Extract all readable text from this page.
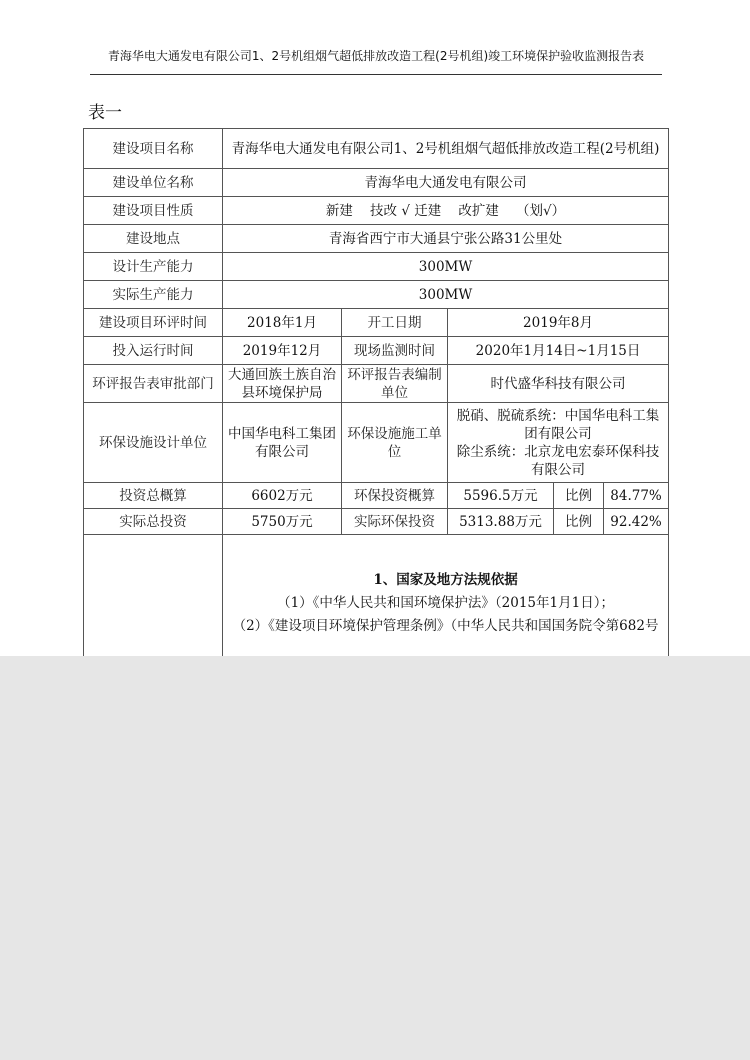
青海华电大通发电有限公司1、2号机组烟气超低排放改造工程(2号机组)竣工环境保护验收监测报告表
表一
建设项目名称	青海华电大通发电有限公司1、2号机组烟气超低排放改造工程(2号机组)				
建设单位名称	青海华电大通发电有限公司				
建设项目性质	新建    技改 √ 迁建    改扩建    （划√）				
建设地点	青海省西宁市大通县宁张公路31公里处				
设计生产能力	300MW				
实际生产能力	300MW				
建设项目环评时间	2018年1月	开工日期	2019年8月		
投入运行时间	2019年12月	现场监测时间	2020年1月14日~1月15日		
环评报告表审批部门	大通回族土族自治县环境保护局	环评报告表编制单位	时代盛华科技有限公司		
环保设施设计单位	中国华电科工集团有限公司	环保设施施工单位	脱硝、脱硫系统：中国华电科工集团有限公司
除尘系统：北京龙电宏泰环保科技有限公司		

投资总概算	6602万元	环保投资概算	5596.5万元	比例	84.77%
实际总投资	5750万元	实际环保投资	5313.88万元	比例	92.42%

	1、国家及地方法规依据
（1）《中华人民共和国环境保护法》（2015年1月1日）；
（2）《建设项目环境保护管理条例》（中华人民共和国国务院令第682号				
